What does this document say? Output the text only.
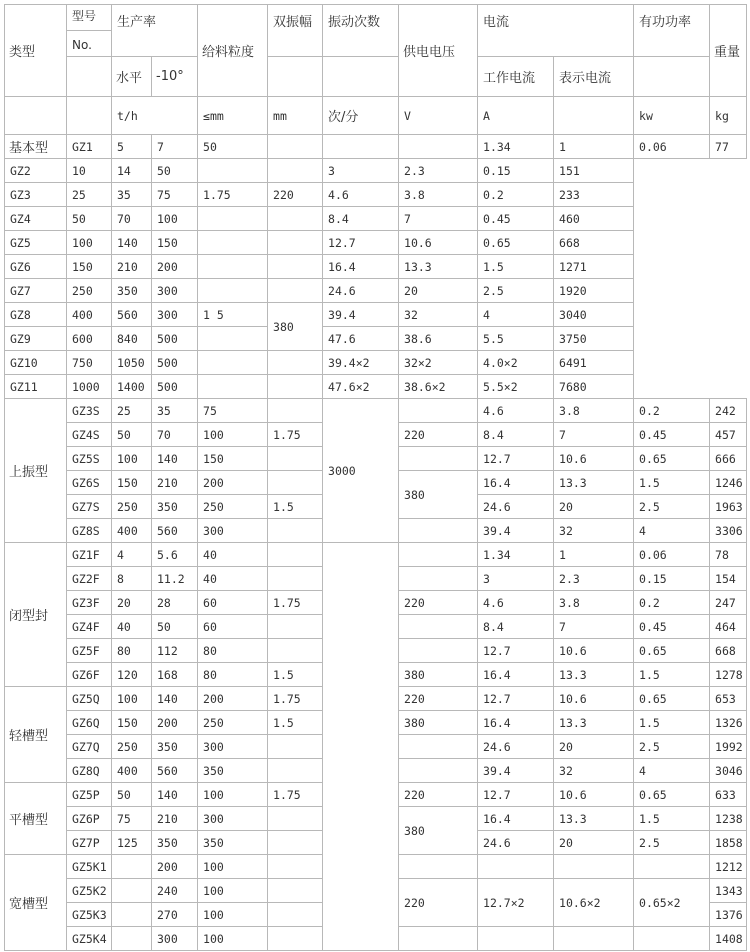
类型	型号	生产率		给料粒度	双振幅	振动次数	供电电压	电流		有功功率	重量
	No.										
		水平	-10°					工作电流	表示电流		
		t/h		≤mm	mm	次/分	V	A		kw	kg
基本型	GZ1	5	7	50				1.34	1	0.06	77
GZ2	10	14	50			3	2.3	0.15	151		
GZ3	25	35	75	1.75	220	4.6	3.8	0.2	233		
GZ4	50	70	100			8.4	7	0.45	460		
GZ5	100	140	150			12.7	10.6	0.65	668		
GZ6	150	210	200			16.4	13.3	1.5	1271		
GZ7	250	350	300			24.6	20	2.5	1920		
GZ8	400	560	300	1 5	380	39.4	32	4	3040		
GZ9	600	840	500			47.6	38.6	5.5	3750		
GZ10	750	1050	500			39.4×2	32×2	4.0×2	6491		
GZ11	1000	1400	500			47.6×2	38.6×2	5.5×2	7680		
上振型	GZ3S	25	35	75		3000		4.6	3.8	0.2	242
	GZ4S	50	70	100	1.75		220	8.4	7	0.45	457
	GZ5S	100	140	150				12.7	10.6	0.65	666
	GZ6S	150	210	200			380	16.4	13.3	1.5	1246
	GZ7S	250	350	250	1.5			24.6	20	2.5	1963
	GZ8S	400	560	300				39.4	32	4	3306
闭型封	GZ1F	4	5.6	40				1.34	1	0.06	78
	GZ2F	8	11.2	40				3	2.3	0.15	154
	GZ3F	20	28	60	1.75		220	4.6	3.8	0.2	247
	GZ4F	40	50	60				8.4	7	0.45	464
	GZ5F	80	112	80				12.7	10.6	0.65	668
	GZ6F	120	168	80	1.5		380	16.4	13.3	1.5	1278
轻槽型	GZ5Q	100	140	200	1.75		220	12.7	10.6	0.65	653
	GZ6Q	150	200	250	1.5		380	16.4	13.3	1.5	1326
	GZ7Q	250	350	300				24.6	20	2.5	1992
	GZ8Q	400	560	350				39.4	32	4	3046
平槽型	GZ5P	50	140	100	1.75		220	12.7	10.6	0.65	633
	GZ6P	75	210	300			380	16.4	13.3	1.5	1238
	GZ7P	125	350	350				24.6	20	2.5	1858
宽槽型	GZ5K1		200	100							1212
	GZ5K2		240	100			220	12.7×2	10.6×2	0.65×2	1343
	GZ5K3		270	100							1376
	GZ5K4		300	100							1408
